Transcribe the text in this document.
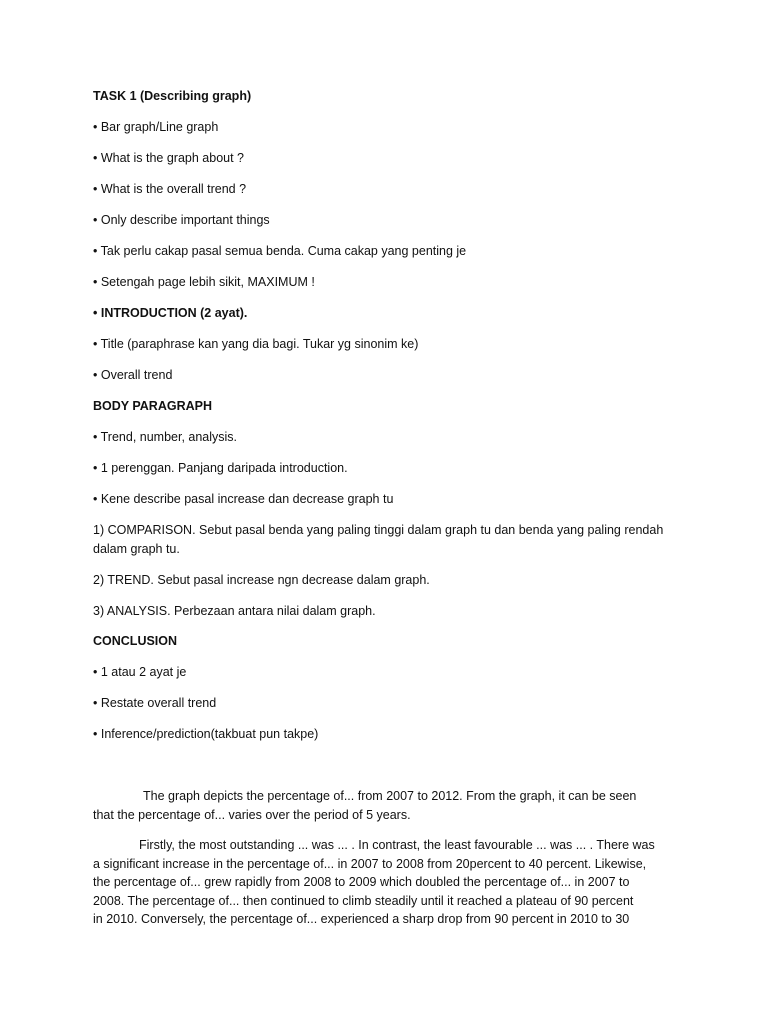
TASK 1 (Describing graph)
• Bar graph/Line graph
• What is the graph about ?
• What is the overall trend ?
• Only describe important things
• Tak perlu cakap pasal semua benda. Cuma cakap yang penting je
• Setengah page lebih sikit, MAXIMUM !
• INTRODUCTION (2 ayat).
• Title (paraphrase kan yang dia bagi. Tukar yg sinonim ke)
• Overall trend
BODY PARAGRAPH
• Trend, number, analysis.
• 1 perenggan. Panjang daripada introduction.
• Kene describe pasal increase dan decrease graph tu
1) COMPARISON. Sebut pasal benda yang paling tinggi dalam graph tu dan benda yang paling rendah
dalam graph tu.
2) TREND. Sebut pasal increase ngn decrease dalam graph.
3) ANALYSIS. Perbezaan antara nilai dalam graph.
CONCLUSION
• 1 atau 2 ayat je
• Restate overall trend
• Inference/prediction(takbuat pun takpe)

The graph depicts the percentage of... from 2007 to 2012. From the graph, it can be seen

that the percentage of... varies over the period of 5 years.

Firstly, the most outstanding ... was ... . In contrast, the least favourable ... was ... . There was

a significant increase in the percentage of... in 2007 to 2008 from 20percent to 40 percent. Likewise,

the percentage of... grew rapidly from 2008 to 2009 which doubled the percentage of... in 2007 to

2008. The percentage of... then continued to climb steadily until it reached a plateau of 90 percent

in 2010. Conversely, the percentage of... experienced a sharp drop from 90 percent in 2010 to 30
